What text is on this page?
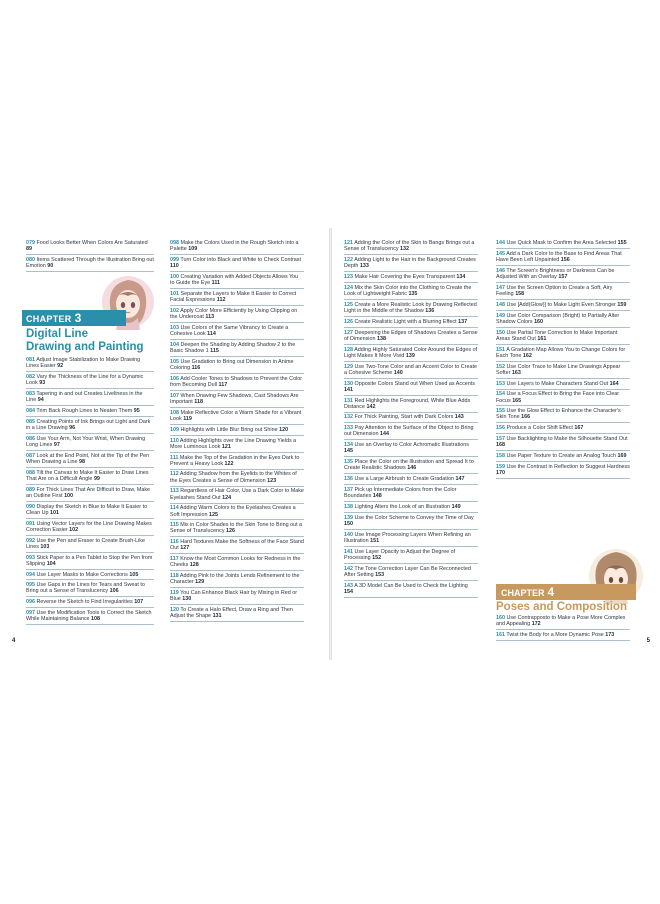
079 Food Looks Better When Colors Are Saturated 89
080 Items Scattered Through the Illustration Bring out Emotion 90
CHAPTER 3
Digital Line
Drawing and Painting
081 Adjust Image Stabilization to Make Drawing Lines Easier 92
082 Vary the Thickness of the Line for a Dynamic Look 93
083 Tapering in and out Creates Liveliness in the Line 94
084 Trim Back Rough Lines to Neaten Them 95
085 Creating Points of Ink Brings out Light and Dark in a Line Drawing 96
086 Use Your Arm, Not Your Wrist, When Drawing Long Lines 97
087 Look at the End Point, Not at the Tip of the Pen When Drawing a Line 98
088 Tilt the Canvas to Make It Easier to Draw Lines That Are on a Difficult Angle 99
089 For Thick Lines That Are Difficult to Draw, Make an Outline First 100
090 Display the Sketch in Blue to Make It Easier to Clean Up 101
091 Using Vector Layers for the Line Drawing Makes Correction Easier 102
092 Use the Pen and Eraser to Create Brush-Like Lines 103
093 Stick Paper to a Pen Tablet to Stop the Pen from Slipping 104
094 Use Layer Masks to Make Corrections 105
095 Use Gaps in the Lines for Tears and Sweat to Bring out a Sense of Translucency 106
096 Reverse the Sketch to Find Irregularities 107
097 Use the Modification Tools to Correct the Sketch While Maintaining Balance 108
098 Make the Colors Used in the Rough Sketch into a Palette 109
099 Turn Color into Black and White to Check Contrast 110
100 Creating Variation with Added Objects Allows You to Guide the Eye 111
101 Separate the Layers to Make It Easier to Correct Facial Expressions 112
102 Apply Color More Efficiently by Using Clipping on the Undercoat 113
103 Use Colors of the Same Vibrancy to Create a Cohesive Look 114
104 Deepen the Shading by Adding Shadow 2 to the Basic Shadow 1 115
105 Use Gradation to Bring out Dimension in Anime Coloring 116
106 Add Cooler Tones to Shadows to Prevent the Color from Becoming Dull 117
107 When Drawing Few Shadows, Cast Shadows Are Important 118
108 Make Reflective Color a Warm Shade for a Vibrant Look 119
109 Highlights with Little Blur Bring out Shine 120
110 Adding Highlights over the Line Drawing Yields a More Luminous Look 121
111 Make the Top of the Gradation in the Eyes Dark to Prevent a Heavy Look 122
112 Adding Shadow from the Eyelids to the Whites of the Eyes Creates a Sense of Dimension 123
113 Regardless of Hair Color, Use a Dark Color to Make Eyelashes Stand Out 124
114 Adding Warm Colors to the Eyelashes Creates a Soft Impression 125
115 Mix in Color Shades to the Skin Tone to Bring out a Sense of Translucency 126
116 Hard Textures Make the Softness of the Face Stand Out 127
117 Know the Most Common Looks for Redness in the Cheeks 128
118 Adding Pink to the Joints Lends Refinement to the Character 129
119 You Can Enhance Black Hair by Mixing in Red or Blue 130
120 To Create a Halo Effect, Draw a Ring and Then Adjust the Shape 131
4
121 Adding the Color of the Skin to Bangs Brings out a Sense of Translucency 132
122 Adding Light to the Hair in the Background Creates Depth 133
123 Make Hair Covering the Eyes Transparent 134
124 Mix the Skin Color into the Clothing to Create the Look of Lightweight Fabric 135
125 Create a More Realistic Look by Drawing Reflected Light in the Middle of the Shadow 136
126 Create Realistic Light with a Blurring Effect 137
127 Deepening the Edges of Shadows Creates a Sense of Dimension 138
128 Adding Highly Saturated Color Around the Edges of Light Makes It More Vivid 139
129 Use Two-Tone Color and an Accent Color to Create a Cohesive Scheme 140
130 Opposite Colors Stand out When Used as Accents 141
131 Red Highlights the Foreground, While Blue Adds Distance 142
132 For Thick Painting, Start with Dark Colors 143
133 Pay Attention to the Surface of the Object to Bring out Dimension 144
134 Use an Overlay to Color Achromatic Illustrations 145
135 Place the Color on the Illustration and Spread It to Create Realistic Shadows 146
136 Use a Large Airbrush to Create Gradation 147
137 Pick up Intermediate Colors from the Color Boundaries 148
138 Lighting Alters the Look of an Illustration 149
139 Use the Color Scheme to Convey the Time of Day 150
140 Use Image Processing Layers When Refining an Illustration 151
141 Use Layer Opacity to Adjust the Degree of Processing 152
142 The Tone Correction Layer Can Be Reconnected After Setting 153
143 A 3D Model Can Be Used to Check the Lighting 154
144 Use Quick Mask to Confirm the Area Selected 155
145 Add a Dark Color to the Base to Find Areas That Have Been Left Unpainted 156
146 The Screen's Brightness or Darkness Can be Adjusted With an Overlay 157
147 Use the Screen Option to Create a Soft, Airy Feeling 158
148 Use [Add(Glow)] to Make Light Even Stronger 159
149 Use Color Comparison (Bright) to Partially Alter Shadow Colors 160
150 Use Partial Tone Correction to Make Important Areas Stand Out 161
151 A Gradation Map Allows You to Change Colors for Each Tone 162
152 Use Color Trace to Make Line Drawings Appear Softer 163
153 Use Layers to Make Characters Stand Out 164
154 Use a Focus Effect to Bring the Face into Clear Focus 165
155 Use the Glow Effect to Enhance the Character's Skin Tone 166
156 Produce a Color Shift Effect 167
157 Use Backlighting to Make the Silhouette Stand Out 168
158 Use Paper Texture to Create an Analog Touch 169
159 Use the Contrast in Reflection to Suggest Hardness 170
CHAPTER 4
Poses and Composition
160 Use Contrapposto to Make a Pose More Complex and Appealing 172
161 Twist the Body for a More Dynamic Pose 173
5
